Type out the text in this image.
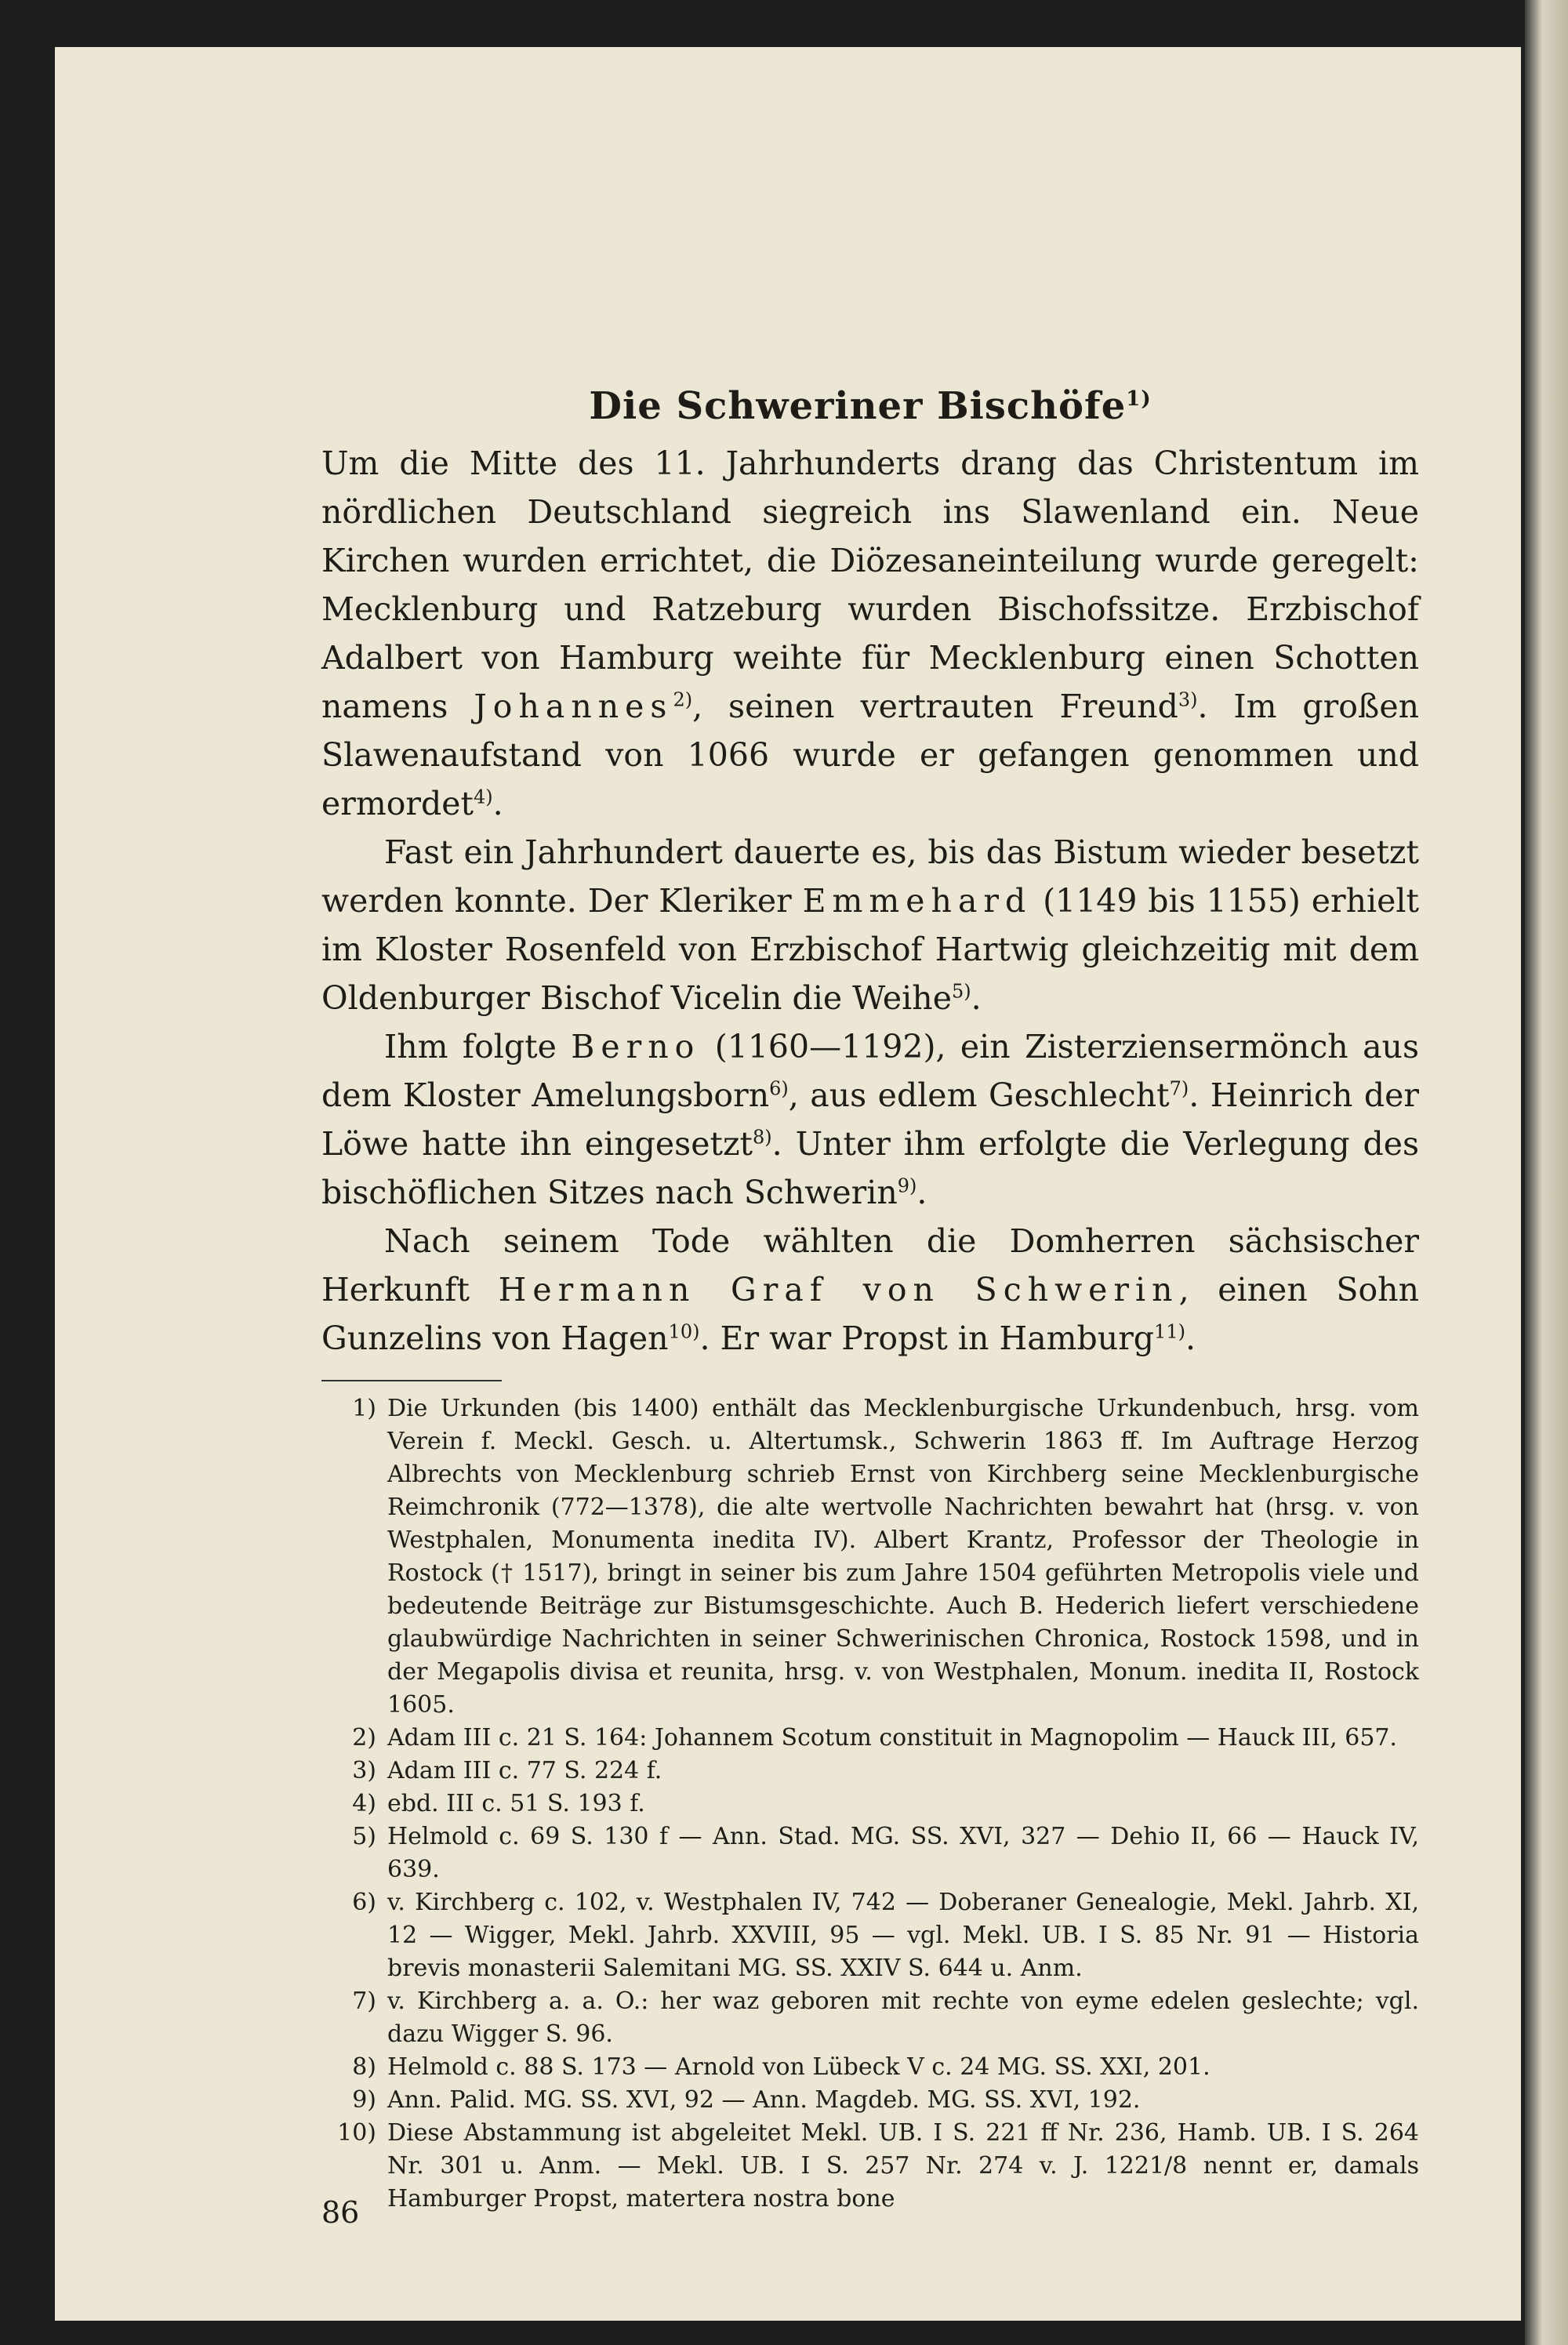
Die Schweriner Bischöfe$^{1)}$

Um die Mitte des 11. Jahrhunderts drang das Christentum im nördlichen Deutschland siegreich ins Slawenland ein. Neue Kirchen wurden errichtet, die Diözesaneinteilung wurde geregelt: Mecklenburg und Ratzeburg wurden Bischofssitze. Erzbischof Adalbert von Hamburg weihte für Mecklenburg einen Schotten namens Johannes$^{2)}$, seinen vertrauten Freund$^{3)}$. Im großen Slawenaufstand von 1066 wurde er gefangen genommen und ermordet$^{4)}$.

Fast ein Jahrhundert dauerte es, bis das Bistum wieder besetzt werden konnte. Der Kleriker Emmehard (1149 bis 1155) erhielt im Kloster Rosenfeld von Erzbischof Hartwig gleichzeitig mit dem Oldenburger Bischof Vicelin die Weihe$^{5)}$.

Ihm folgte Berno (1160—1192), ein Zisterziensermönch aus dem Kloster Amelungsborn$^{6)}$, aus edlem Geschlecht$^{7)}$. Heinrich der Löwe hatte ihn eingesetzt$^{8)}$. Unter ihm erfolgte die Verlegung des bischöflichen Sitzes nach Schwerin$^{9)}$.

Nach seinem Tode wählten die Domherren sächsischer Herkunft Hermann Graf von Schwerin, einen Sohn Gunzelins von Hagen$^{10)}$. Er war Propst in Hamburg$^{11)}$.

1) Die Urkunden (bis 1400) enthält das Mecklenburgische Urkundenbuch, hrsg. vom Verein f. Meckl. Gesch. u. Altertumsk., Schwerin 1863 ff. Im Auftrage Herzog Albrechts von Mecklenburg schrieb Ernst von Kirchberg seine Mecklenburgische Reimchronik (772—1378), die alte wertvolle Nachrichten bewahrt hat (hrsg. v. von Westphalen, Monumenta inedita IV). Albert Krantz, Professor der Theologie in Rostock († 1517), bringt in seiner bis zum Jahre 1504 geführten Metropolis viele und bedeutende Beiträge zur Bistumsgeschichte. Auch B. Hederich liefert verschiedene glaubwürdige Nachrichten in seiner Schwerinischen Chronica, Rostock 1598, und in der Megapolis divisa et reunita, hrsg. v. von Westphalen, Monum. inedita II, Rostock 1605.
2) Adam III c. 21 S. 164: Johannem Scotum constituit in Magnopolim — Hauck III, 657.
3) Adam III c. 77 S. 224 f.
4) ebd. III c. 51 S. 193 f.
5) Helmold c. 69 S. 130 f — Ann. Stad. MG. SS. XVI, 327 — Dehio II, 66 — Hauck IV, 639.
6) v. Kirchberg c. 102, v. Westphalen IV, 742 — Doberaner Genealogie, Mekl. Jahrb. XI, 12 — Wigger, Mekl. Jahrb. XXVIII, 95 — vgl. Mekl. UB. I S. 85 Nr. 91 — Historia brevis monasterii Salemitani MG. SS. XXIV S. 644 u. Anm.
7) v. Kirchberg a. a. O.: her waz geboren mit rechte von eyme edelen geslechte; vgl. dazu Wigger S. 96.
8) Helmold c. 88 S. 173 — Arnold von Lübeck V c. 24 MG. SS. XXI, 201.
9) Ann. Palid. MG. SS. XVI, 92 — Ann. Magdeb. MG. SS. XVI, 192.
10) Diese Abstammung ist abgeleitet Mekl. UB. I S. 221 ff Nr. 236, Hamb. UB. I S. 264 Nr. 301 u. Anm. — Mekl. UB. I S. 257 Nr. 274 v. J. 1221/8 nennt er, damals Hamburger Propst, matertera nostra bone
86
